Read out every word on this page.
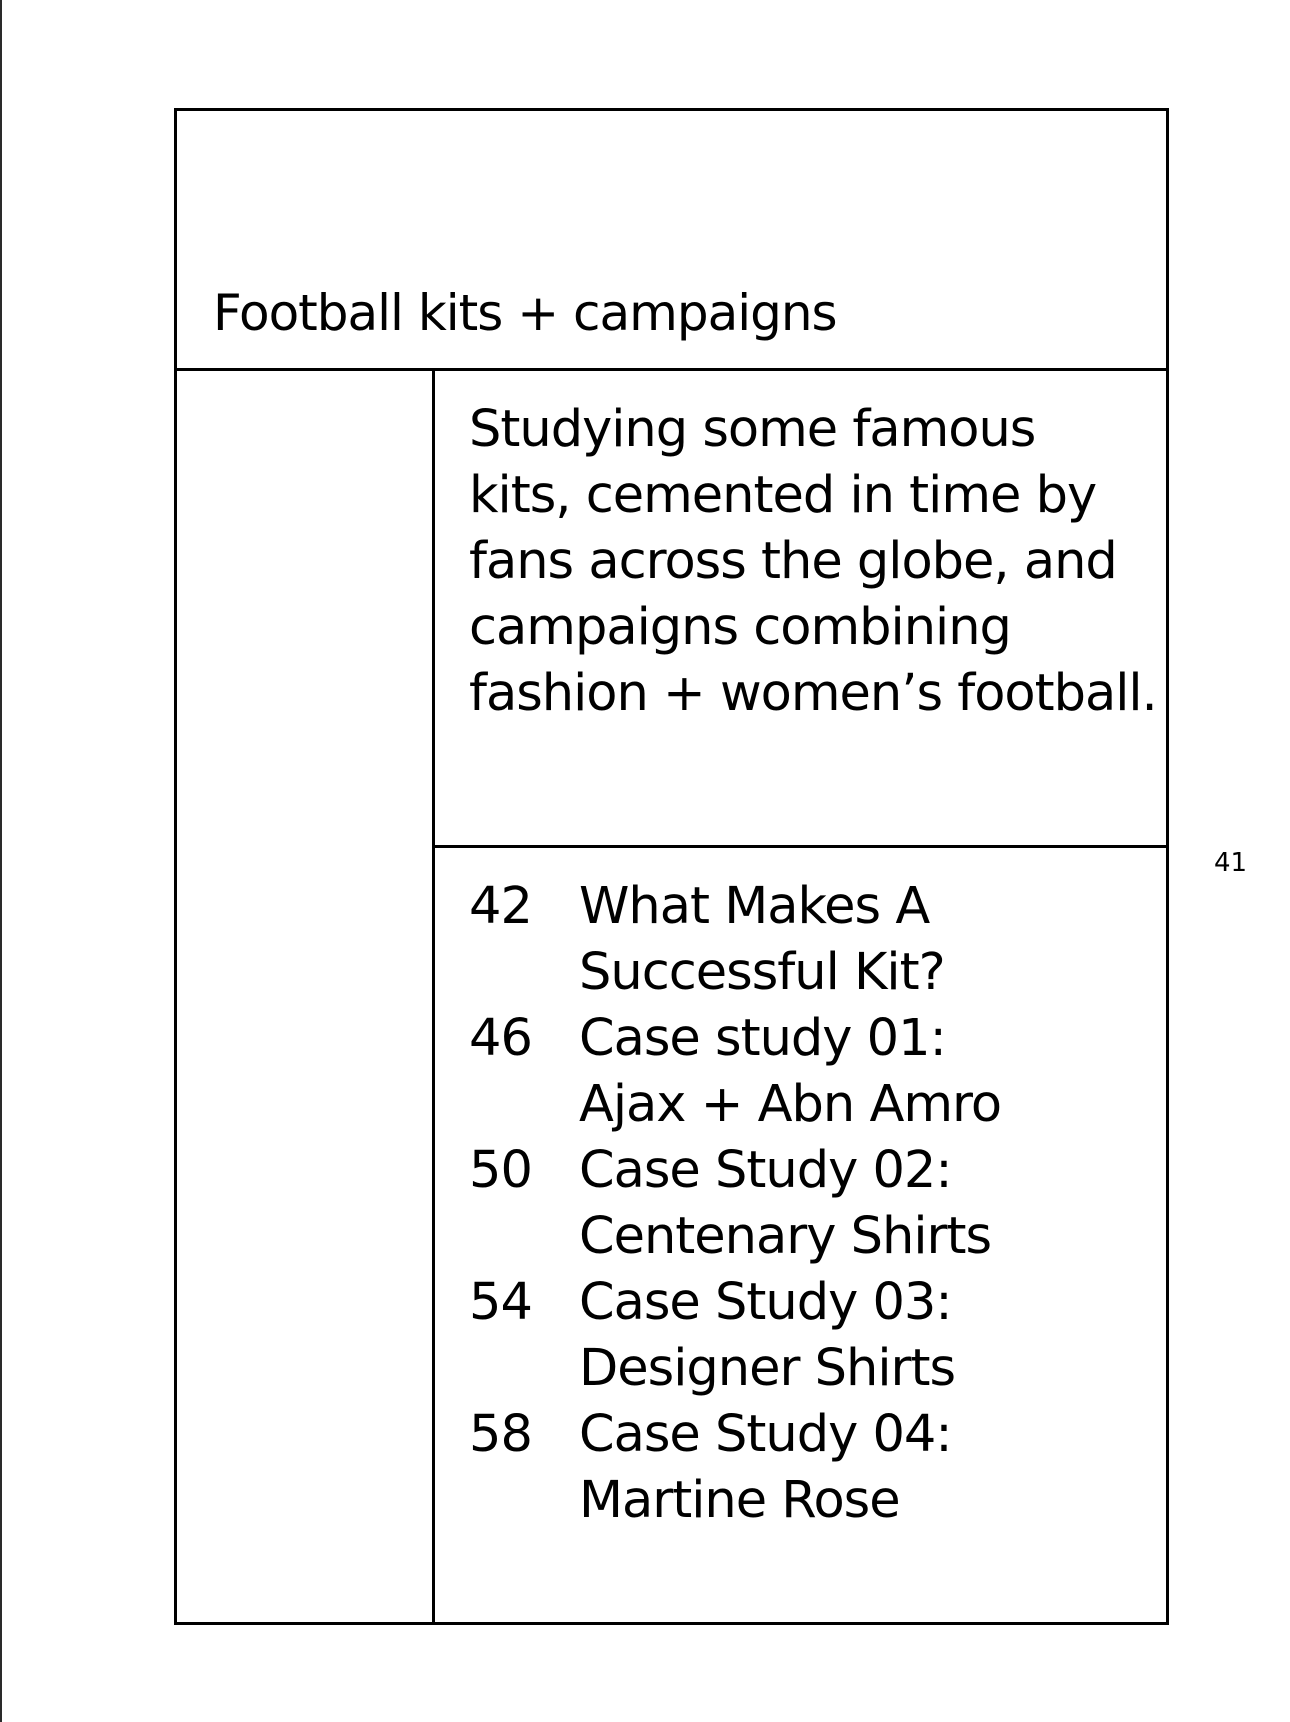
Football kits + campaigns
Studying some famous
kits, cemented in time by
fans across the globe, and
campaigns combining
fashion + women’s football.
42 What Makes A
Successful Kit?
46 Case study 01:
Ajax + Abn Amro
50 Case Study 02:
Centenary Shirts
54 Case Study 03:
Designer Shirts
58 Case Study 04:
Martine Rose
41
